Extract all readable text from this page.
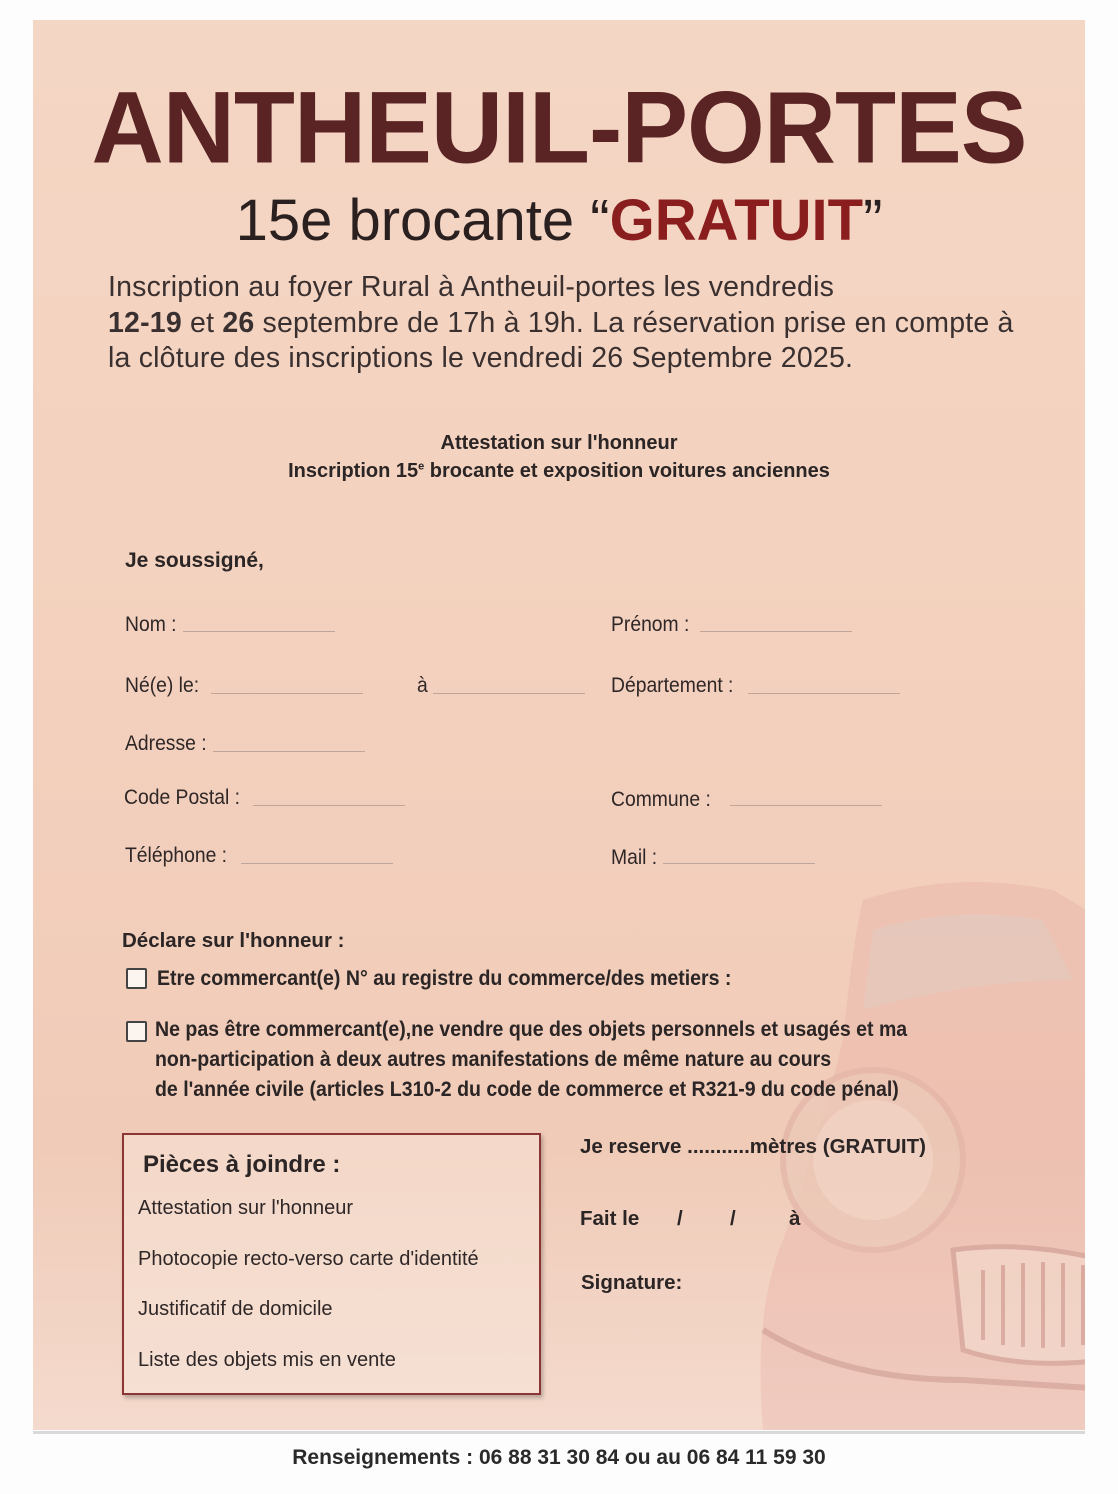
ANTHEUIL-PORTES

15e brocante “GRATUIT”

Inscription au foyer Rural à Antheuil-portes les vendredis
12-19 et 26 septembre de 17h à 19h. La réservation prise en compte à la clôture des inscriptions le vendredi 26 Septembre 2025.

Attestation sur l'honneur

Inscription 15e brocante et exposition voitures anciennes

Je soussigné,

Nom :	Prénom :

Né(e) le:	à	Département :

Adresse :

Code Postal :	Commune :

Téléphone :	Mail :

Déclare sur l'honneur :

Etre commercant(e) N° au registre du commerce/des metiers :

Ne pas être commercant(e),ne vendre que des objets personnels et usagés et ma

non-participation à deux autres manifestations de même nature au cours

de l'année civile (articles L310-2 du code de commerce et R321-9 du code pénal)

Pièces à joindre :

Attestation sur l'honneur

Photocopie recto-verso carte d'identité

Justificatif de domicile

Liste des objets mis en vente

Je reserve ...........mètres (GRATUIT)

Fait le / /	à

Signature:

Renseignements : 06 88 31 30 84 ou au 06 84 11 59 30
